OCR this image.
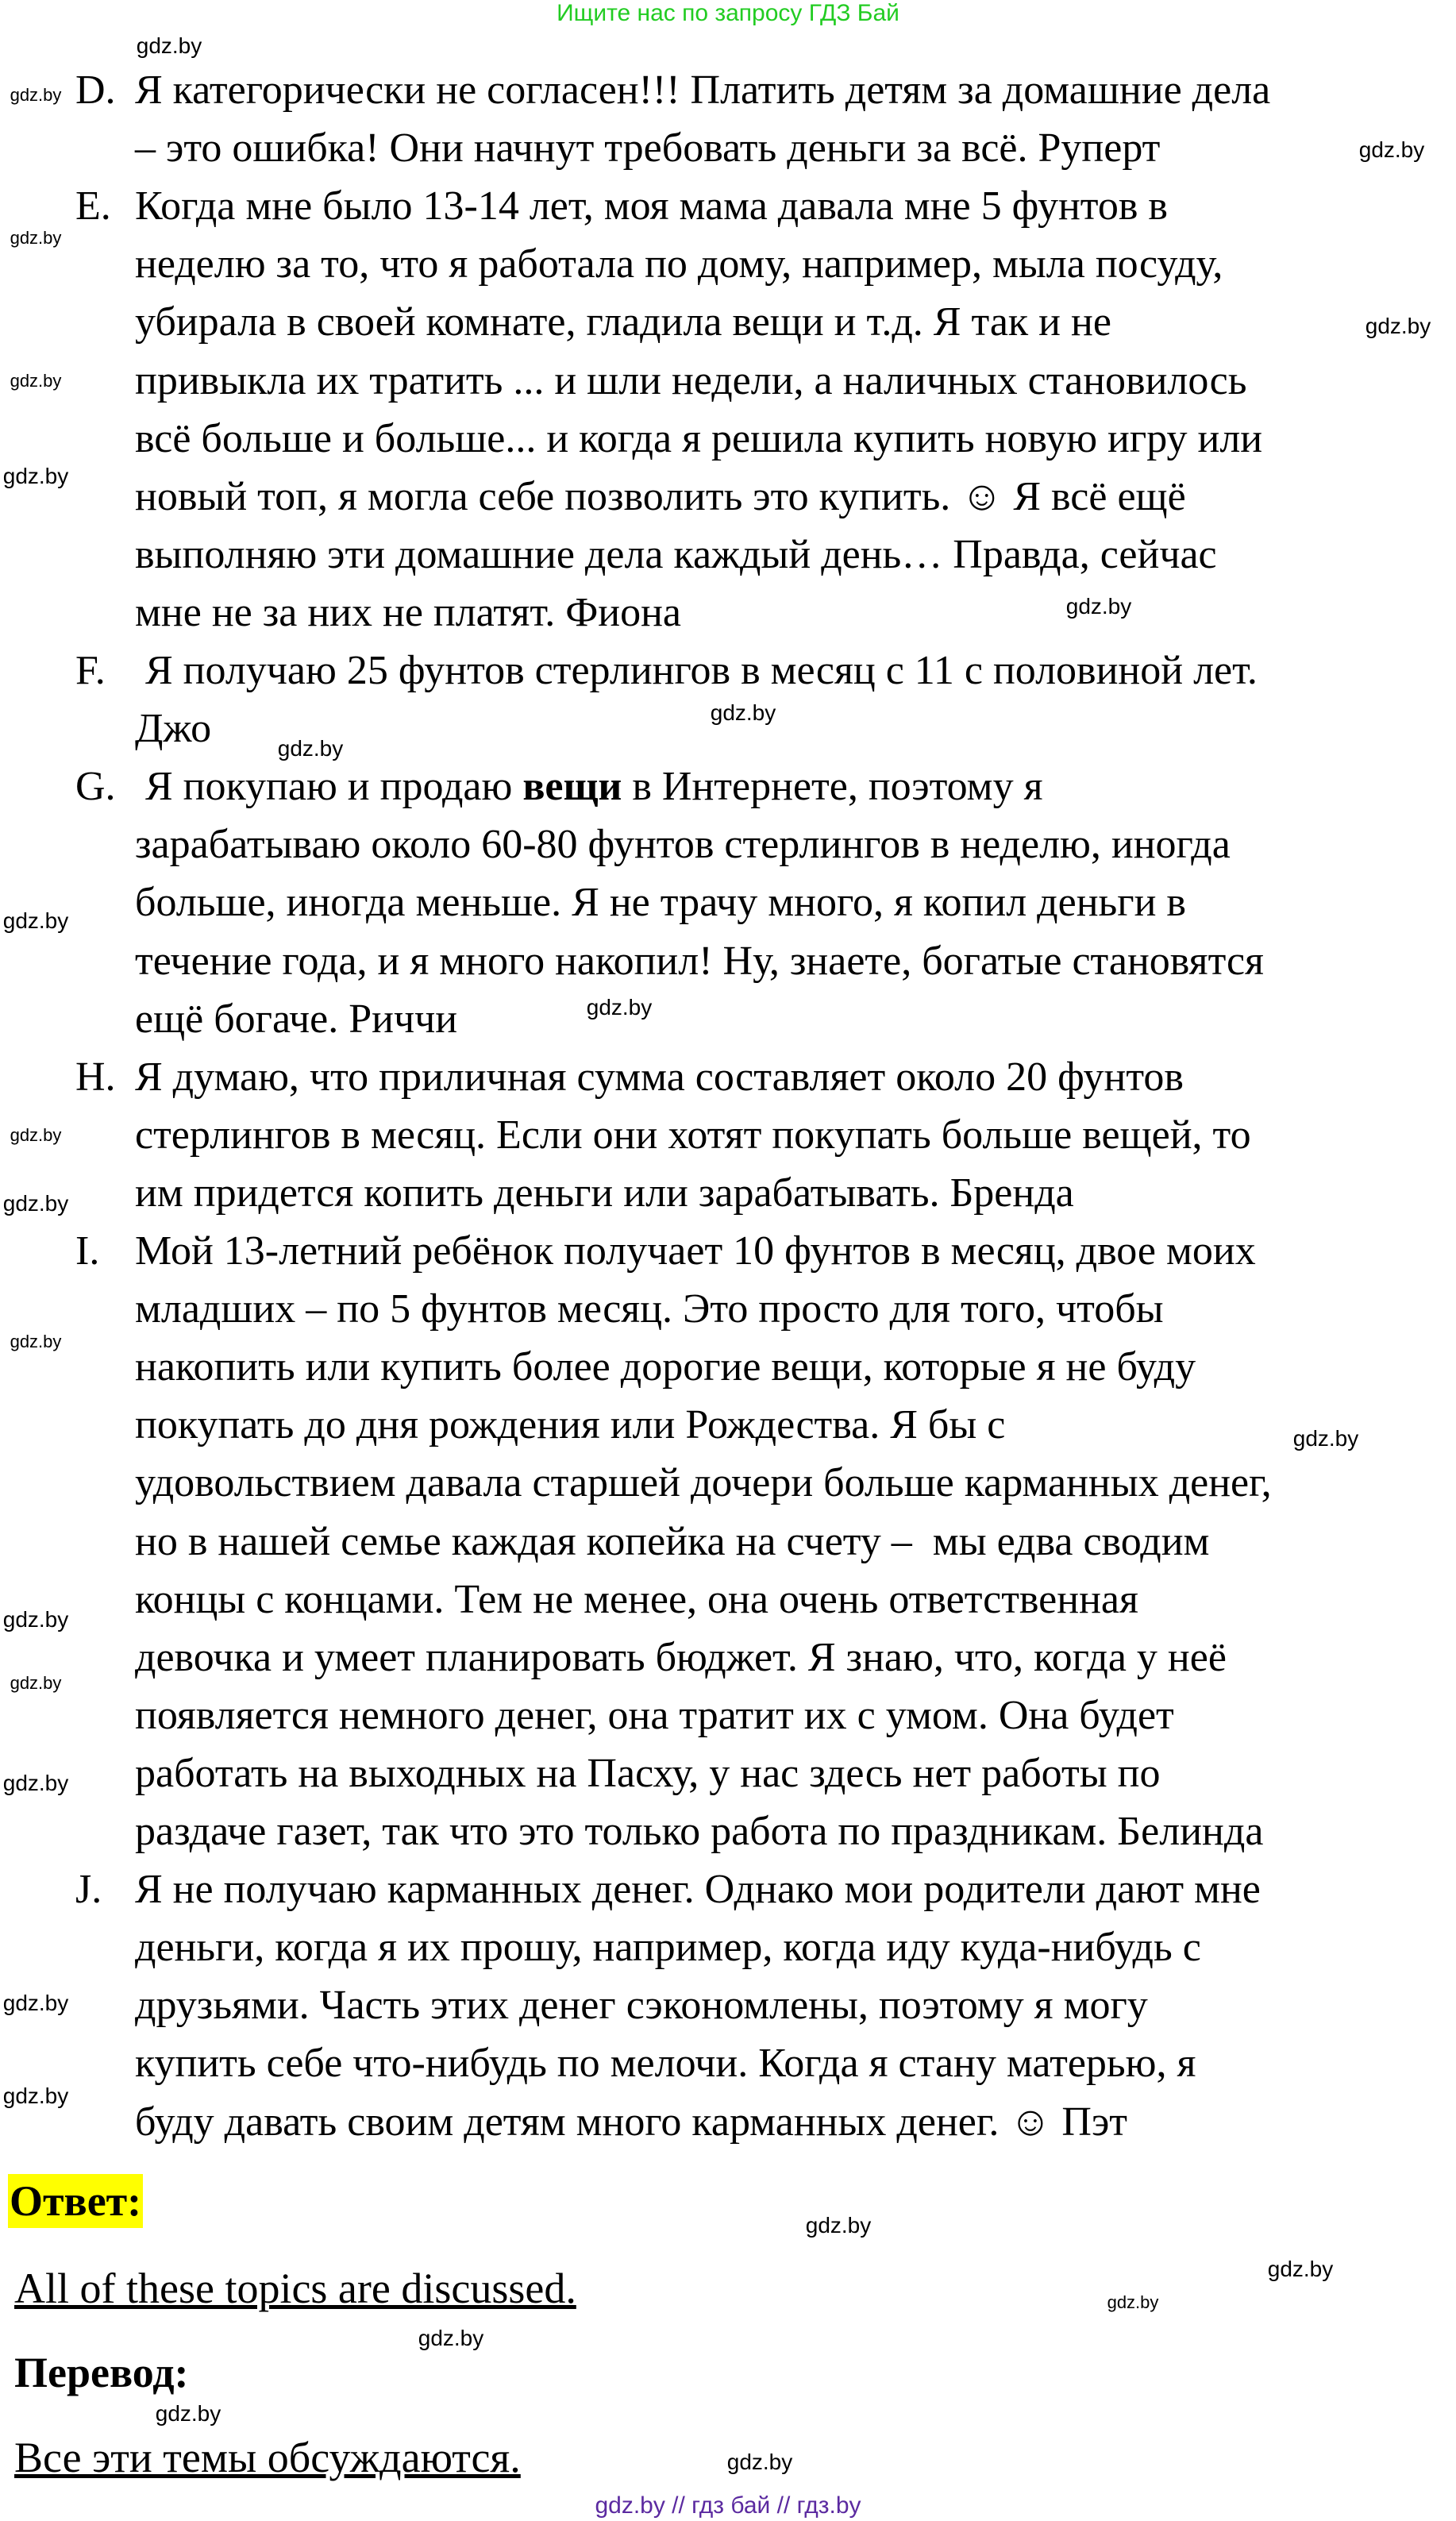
Ищите нас по запросу ГДЗ Бай
D. Я категорически не согласен!!! Платить детям за домашние дела
– это ошибка! Они начнут требовать деньги за всё. Руперт
E. Когда мне было 13-14 лет, моя мама давала мне 5 фунтов в
неделю за то, что я работала по дому, например, мыла посуду,
убирала в своей комнате, гладила вещи и т.д. Я так и не
привыкла их тратить ... и шли недели, а наличных становилось
всё больше и больше... и когда я решила купить новую игру или
новый топ, я могла себе позволить это купить. ☺ Я всё ещё
выполняю эти домашние дела каждый день… Правда, сейчас
мне не за них не платят. Фиона
F. Я получаю 25 фунтов стерлингов в месяц с 11 с половиной лет.
Джо
G. Я покупаю и продаю вещи в Интернете, поэтому я
зарабатываю около 60-80 фунтов стерлингов в неделю, иногда
больше, иногда меньше. Я не трачу много, я копил деньги в
течение года, и я много накопил! Ну, знаете, богатые становятся
ещё богаче. Риччи
H. Я думаю, что приличная сумма составляет около 20 фунтов
стерлингов в месяц. Если они хотят покупать больше вещей, то
им придется копить деньги или зарабатывать. Бренда
I. Мой 13-летний ребёнок получает 10 фунтов в месяц, двое моих
младших – по 5 фунтов месяц. Это просто для того, чтобы
накопить или купить более дорогие вещи, которые я не буду
покупать до дня рождения или Рождества. Я бы с
удовольствием давала старшей дочери больше карманных денег,
но в нашей семье каждая копейка на счету –  мы едва сводим
концы с концами. Тем не менее, она очень ответственная
девочка и умеет планировать бюджет. Я знаю, что, когда у неё
появляется немного денег, она тратит их с умом. Она будет
работать на выходных на Пасху, у нас здесь нет работы по
раздаче газет, так что это только работа по праздникам. Белинда
J. Я не получаю карманных денег. Однако мои родители дают мне
деньги, когда я их прошу, например, когда иду куда-нибудь с
друзьями. Часть этих денег сэкономлены, поэтому я могу
купить себе что-нибудь по мелочи. Когда я стану матерью, я
буду давать своим детям много карманных денег. ☺ Пэт
gdz.by
gdz.by
gdz.by
gdz.by
gdz.by
gdz.by
gdz.by
gdz.by
gdz.by
gdz.by
gdz.by
gdz.by
gdz.by
gdz.by
gdz.by
gdz.by
gdz.by
gdz.by
gdz.by
gdz.by
gdz.by
gdz.by
gdz.by
gdz.by
gdz.by
gdz.by
gdz.by
Ответ:
All of these topics are discussed.
Перевод:
Все эти темы обсуждаются.
gdz.by // гдз бай // гдз.by
